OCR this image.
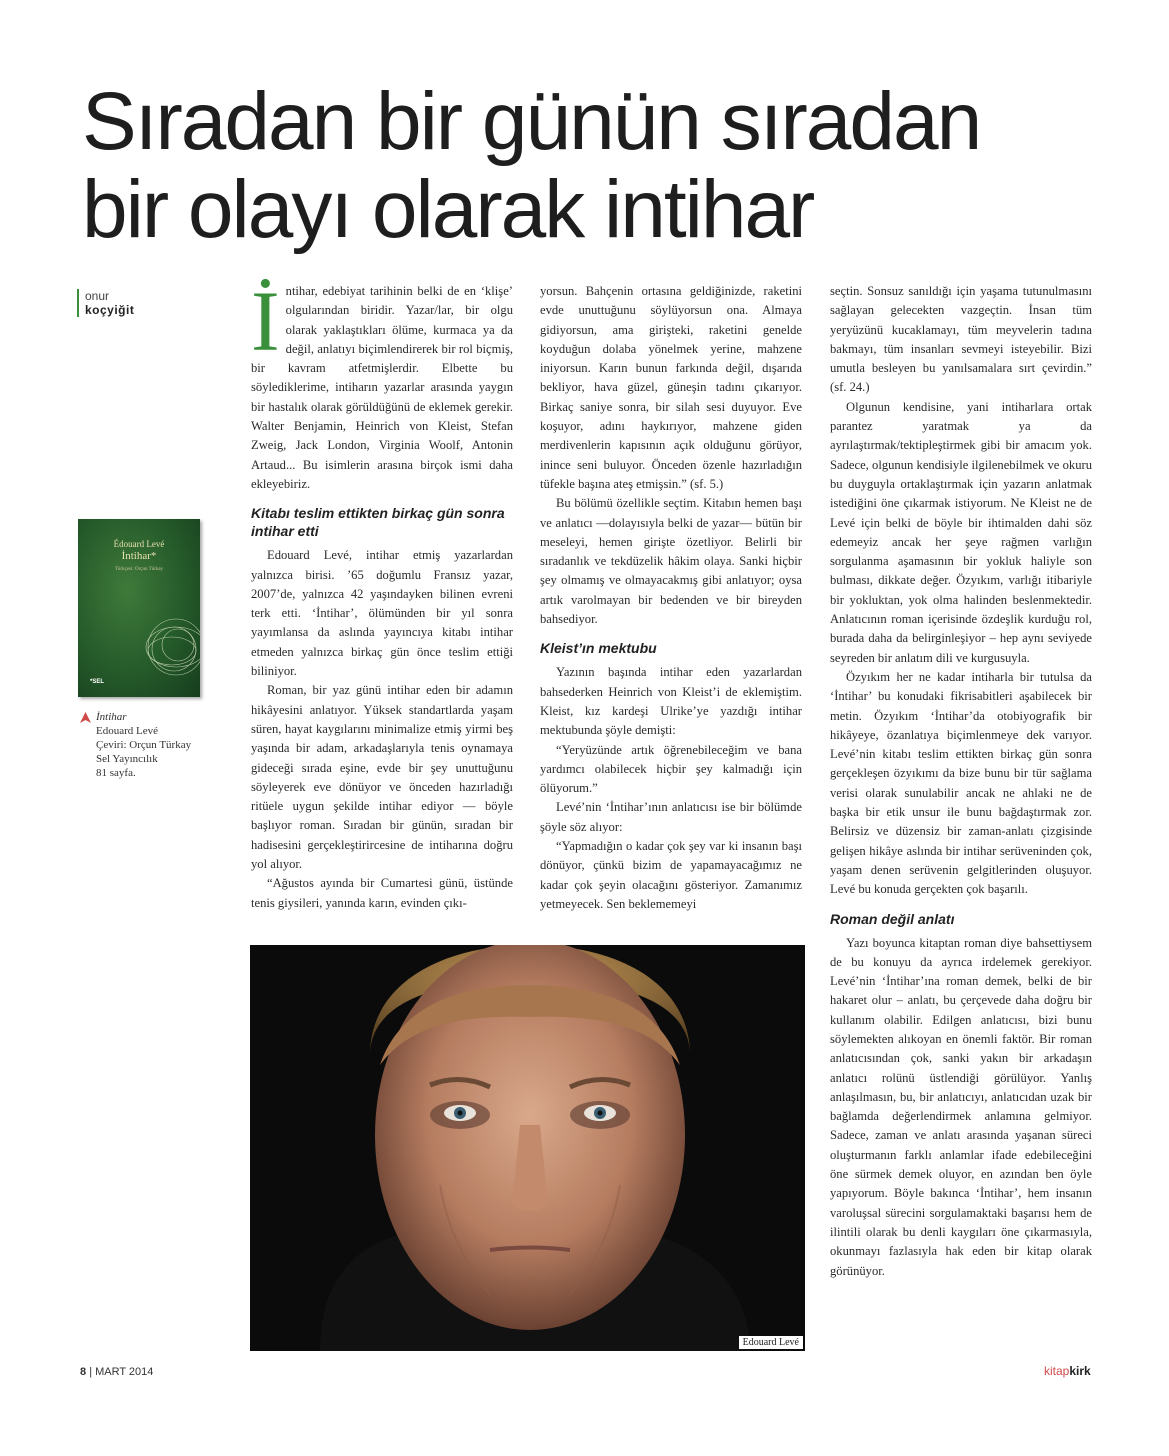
Sıradan bir günün sıradan
bir olayı olarak intihar
onur
koçyiğit İntihar, edebiyat tarihinin belki de en ‘klişe’ olgularından biridir. Yazar/lar, bir olgu olarak yaklaştıkları ölüme, kurmaca ya da değil, anlatıyı biçimlendirerek bir rol biçmiş, bir kavram atfetmişlerdir. Elbette bu söylediklerime, intiharın yazarlar arasında yaygın bir hastalık olarak görüldüğünü de eklemek gerekir. Walter Benjamin, Heinrich von Kleist, Stefan Zweig, Jack London, Virginia Woolf, Antonin Artaud... Bu isimlerin arasına birçok ismi daha ekleyebiriz.

Kitabı teslim ettikten birkaç gün sonra intihar etti

Edouard Levé, intihar etmiş yazarlardan yalnızca birisi. ’65 doğumlu Fransız yazar, 2007’de, yalnızca 42 yaşındayken bilinen evreni terk etti. ‘İntihar’, ölümünden bir yıl sonra yayımlansa da aslında yayıncıya kitabı intihar etmeden yalnızca birkaç gün önce teslim ettiği biliniyor.

Roman, bir yaz günü intihar eden bir adamın hikâyesini anlatıyor. Yüksek standartlarda yaşam süren, hayat kaygılarını minimalize etmiş yirmi beş yaşında bir adam, arkadaşlarıyla tenis oynamaya gideceği sırada eşine, evde bir şey unuttuğunu söyleyerek eve dönüyor ve önceden hazırladığı ritüele uygun şekilde intihar ediyor — böyle başlıyor roman. Sıradan bir günün, sıradan bir hadisesini gerçekleştirircesine de intiharına doğru yol alıyor.

“Ağustos ayında bir Cumartesi günü, üstünde tenis giysileri, yanında karın, evinden çıkı-

yorsun. Bahçenin ortasına geldiğinizde, raketini evde unuttuğunu söylüyorsun ona. Almaya gidiyorsun, ama girişteki, raketini genelde koyduğun dolaba yönelmek yerine, mahzene iniyorsun. Karın bunun farkında değil, dışarıda bekliyor, hava güzel, güneşin tadını çıkarıyor. Birkaç saniye sonra, bir silah sesi duyuyor. Eve koşuyor, adını haykırıyor, mahzene giden merdivenlerin kapısının açık olduğunu görüyor, inince seni buluyor. Önceden özenle hazırladığın tüfekle başına ateş etmişsin.” (sf. 5.)

Bu bölümü özellikle seçtim. Kitabın hemen başı ve anlatıcı —dolayısıyla belki de yazar— bütün bir meseleyi, hemen girişte özetliyor. Belirli bir sıradanlık ve tekdüzelik hâkim olaya. Sanki hiçbir şey olmamış ve olmayacakmış gibi anlatıyor; oysa artık varolmayan bir bedenden ve bir bireyden bahsediyor.

Kleist’ın mektubu

Yazının başında intihar eden yazarlardan bahsederken Heinrich von Kleist’i de eklemiştim. Kleist, kız kardeşi Ulrike’ye yazdığı intihar mektubunda şöyle demişti:

“Yeryüzünde artık öğrenebileceğim ve bana yardımcı olabilecek hiçbir şey kalmadığı için ölüyorum.”

Levé’nin ‘İntihar’ının anlatıcısı ise bir bölümde şöyle söz alıyor:

“Yapmadığın o kadar çok şey var ki insanın başı dönüyor, çünkü bizim de yapamayacağımız ne kadar çok şeyin olacağını gösteriyor. Zamanımız yetmeyecek. Sen beklememeyi

seçtin. Sonsuz sanıldığı için yaşama tutunulmasını sağlayan gelecekten vazgeçtin. İnsan tüm yeryüzünü kucaklamayı, tüm meyvelerin tadına bakmayı, tüm insanları sevmeyi isteyebilir. Bizi umutla besleyen bu yanılsamalara sırt çevirdin.” (sf. 24.)

Olgunun kendisine, yani intiharlara ortak parantez yaratmak ya da ayrılaştırmak/tektipleştirmek gibi bir amacım yok. Sadece, olgunun kendisiyle ilgilenebilmek ve okuru bu duyguyla ortaklaştırmak için yazarın anlatmak istediğini öne çıkarmak istiyorum. Ne Kleist ne de Levé için belki de böyle bir ihtimalden dahi söz edemeyiz ancak her şeye rağmen varlığın sorgulanma aşamasının bir yokluk haliyle son bulması, dikkate değer. Özyıkım, varlığı itibariyle bir yokluktan, yok olma halinden beslenmektedir. Anlatıcının roman içerisinde özdeşlik kurduğu rol, burada daha da belirginleşiyor – hep aynı seviyede seyreden bir anlatım dili ve kurgusuyla.

Özyıkım her ne kadar intiharla bir tutulsa da ‘İntihar’ bu konudaki fikrisabitleri aşabilecek bir metin. Özyıkım ‘İntihar’da otobiyografik bir hikâyeye, özanlatıya biçimlenmeye dek varıyor. Levé’nin kitabı teslim ettikten birkaç gün sonra gerçekleşen özyıkımı da bize bunu bir tür sağlama verisi olarak sunulabilir ancak ne ahlaki ne de başka bir etik unsur ile bunu bağdaştırmak zor. Belirsiz ve düzensiz bir zaman-anlatı çizgisinde gelişen hikâye aslında bir intihar serüveninden çok, yaşam denen serüvenin gelgitlerinden oluşuyor. Levé bu konuda gerçekten çok başarılı.

Roman değil anlatı

Yazı boyunca kitaptan roman diye bahsettiysem de bu konuyu da ayrıca irdelemek gerekiyor. Levé’nin ‘İntihar’ına roman demek, belki de bir hakaret olur – anlatı, bu çerçevede daha doğru bir kullanım olabilir. Edilgen anlatıcısı, bizi bunu söylemekten alıkoyan en önemli faktör. Bir roman anlatıcısından çok, sanki yakın bir arkadaşın anlatıcı rolünü üstlendiği görülüyor. Yanlış anlaşılmasın, bu, bir anlatıcıyı, anlatıcıdan uzak bir bağlamda değerlendirmek anlamına gelmiyor. Sadece, zaman ve anlatı arasında yaşanan süreci oluşturmanın farklı anlamlar ifade edebileceğini öne sürmek demek oluyor, en azından ben öyle yapıyorum. Böyle bakınca ‘İntihar’, hem insanın varoluşsal sürecini sorgulamaktaki başarısı hem de ilintili olarak bu denli kaygıları öne çıkarmasıyla, okunmayı fazlasıyla hak eden bir kitap olarak görünüyor.

Édouard Levé
İntihar*
Türkçesi: Orçun Türkay
*SEL
İntihar
Edouard Levé
Çeviri: Orçun Türkay
Sel Yayıncılık
81 sayfa.
Edouard Levé
8 | MART 2014	kitapkirk
